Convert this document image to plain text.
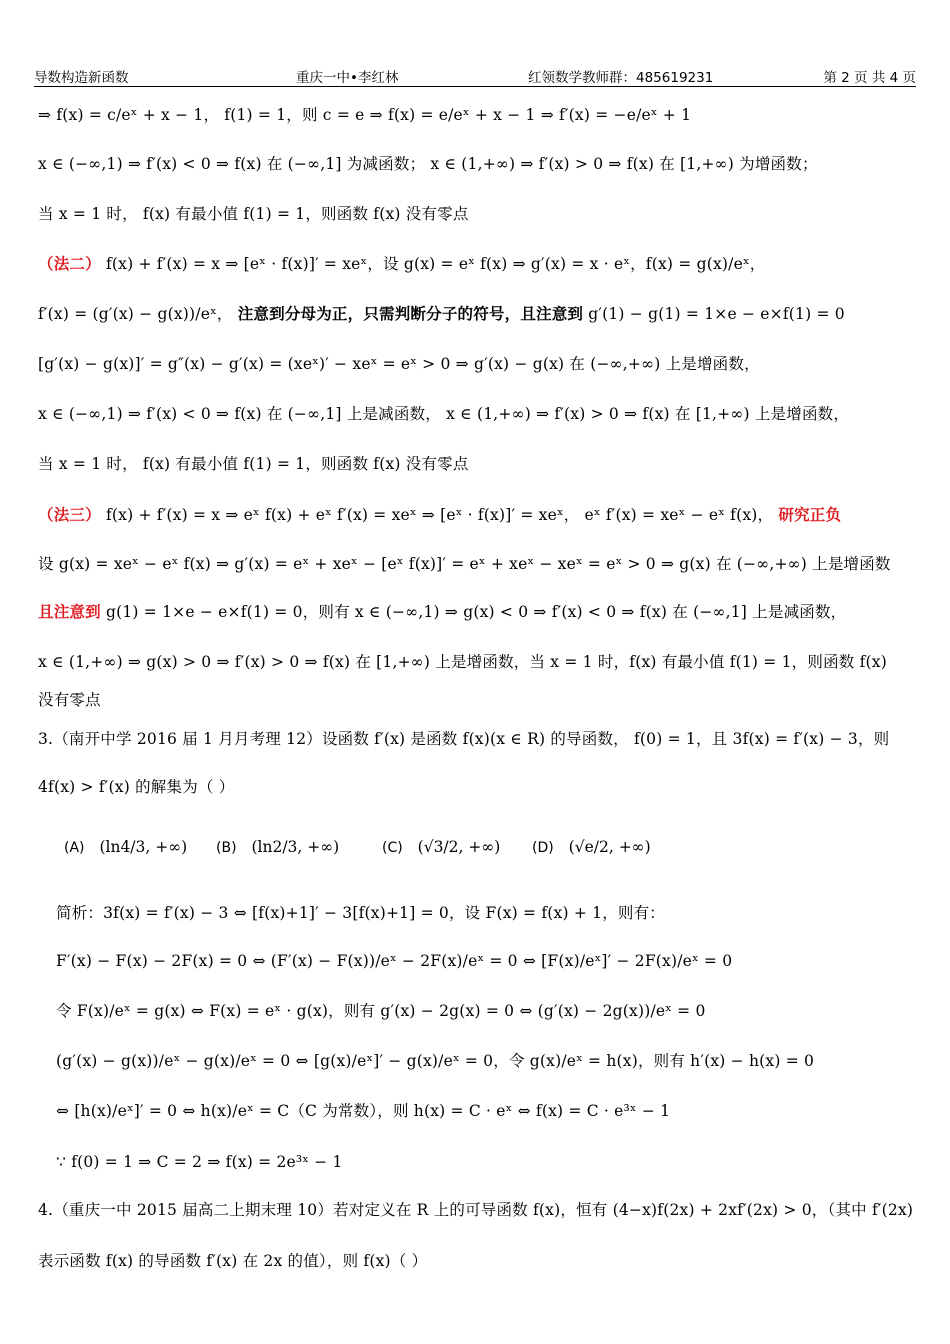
导数构造新函数	重庆一中•李红林	红领数学教师群：485619231	第 2 页 共 4 页
⇒ f(x) = c/eˣ + x − 1， f(1) = 1，则 c = e ⇒ f(x) = e/eˣ + x − 1 ⇒ f′(x) = −e/eˣ + 1
x ∈ (−∞,1) ⇒ f′(x) < 0 ⇒ f(x) 在 (−∞,1] 为减函数； x ∈ (1,+∞) ⇒ f′(x) > 0 ⇒ f(x) 在 [1,+∞) 为增函数；
当 x = 1 时， f(x) 有最小值 f(1) = 1，则函数 f(x) 没有零点
（法二） f(x) + f′(x) = x ⇒ [eˣ · f(x)]′ = xeˣ，设 g(x) = eˣ f(x) ⇒ g′(x) = x · eˣ，f(x) = g(x)/eˣ，
f′(x) = (g′(x) − g(x))/eˣ， 注意到分母为正，只需判断分子的符号，且注意到 g′(1) − g(1) = 1×e − e×f(1) = 0
[g′(x) − g(x)]′ = g″(x) − g′(x) = (xeˣ)′ − xeˣ = eˣ > 0 ⇒ g′(x) − g(x) 在 (−∞,+∞) 上是增函数，
x ∈ (−∞,1) ⇒ f′(x) < 0 ⇒ f(x) 在 (−∞,1] 上是减函数， x ∈ (1,+∞) ⇒ f′(x) > 0 ⇒ f(x) 在 [1,+∞) 上是增函数，
当 x = 1 时， f(x) 有最小值 f(1) = 1，则函数 f(x) 没有零点
（法三） f(x) + f′(x) = x ⇒ eˣ f(x) + eˣ f′(x) = xeˣ ⇒ [eˣ · f(x)]′ = xeˣ， eˣ f′(x) = xeˣ − eˣ f(x)， 研究正负
设 g(x) = xeˣ − eˣ f(x) ⇒ g′(x) = eˣ + xeˣ − [eˣ f(x)]′ = eˣ + xeˣ − xeˣ = eˣ > 0 ⇒ g(x) 在 (−∞,+∞) 上是增函数
且注意到 g(1) = 1×e − e×f(1) = 0，则有 x ∈ (−∞,1) ⇒ g(x) < 0 ⇒ f′(x) < 0 ⇒ f(x) 在 (−∞,1] 上是减函数，
x ∈ (1,+∞) ⇒ g(x) > 0 ⇒ f′(x) > 0 ⇒ f(x) 在 [1,+∞) 上是增函数，当 x = 1 时，f(x) 有最小值 f(1) = 1，则函数 f(x)
没有零点
3.（南开中学 2016 届 1 月月考理 12）设函数 f′(x) 是函数 f(x)(x ∈ R) 的导函数， f(0) = 1，且 3f(x) = f′(x) − 3，则
4f(x) > f′(x) 的解集为（ ）
(A) (ln4/3, +∞) (B) (ln2/3, +∞)	(C) (√3/2, +∞) (D) (√e/2, +∞)
简析：3f(x) = f′(x) − 3 ⇔ [f(x)+1]′ − 3[f(x)+1] = 0，设 F(x) = f(x) + 1，则有：
F′(x) − F(x) − 2F(x) = 0 ⇔ (F′(x) − F(x))/eˣ − 2F(x)/eˣ = 0 ⇔ [F(x)/eˣ]′ − 2F(x)/eˣ = 0
令 F(x)/eˣ = g(x) ⇔ F(x) = eˣ · g(x)，则有 g′(x) − 2g(x) = 0 ⇔ (g′(x) − 2g(x))/eˣ = 0
(g′(x) − g(x))/eˣ − g(x)/eˣ = 0 ⇔ [g(x)/eˣ]′ − g(x)/eˣ = 0，令 g(x)/eˣ = h(x)，则有 h′(x) − h(x) = 0
⇔ [h(x)/eˣ]′ = 0 ⇔ h(x)/eˣ = C（C 为常数），则 h(x) = C · eˣ ⇔ f(x) = C · e³ˣ − 1
∵ f(0) = 1 ⇒ C = 2 ⇒ f(x) = 2e³ˣ − 1
4.（重庆一中 2015 届高二上期末理 10）若对定义在 R 上的可导函数 f(x)，恒有 (4−x)f(2x) + 2xf′(2x) > 0，（其中 f′(2x)
表示函数 f(x) 的导函数 f′(x) 在 2x 的值），则 f(x)（ ）
